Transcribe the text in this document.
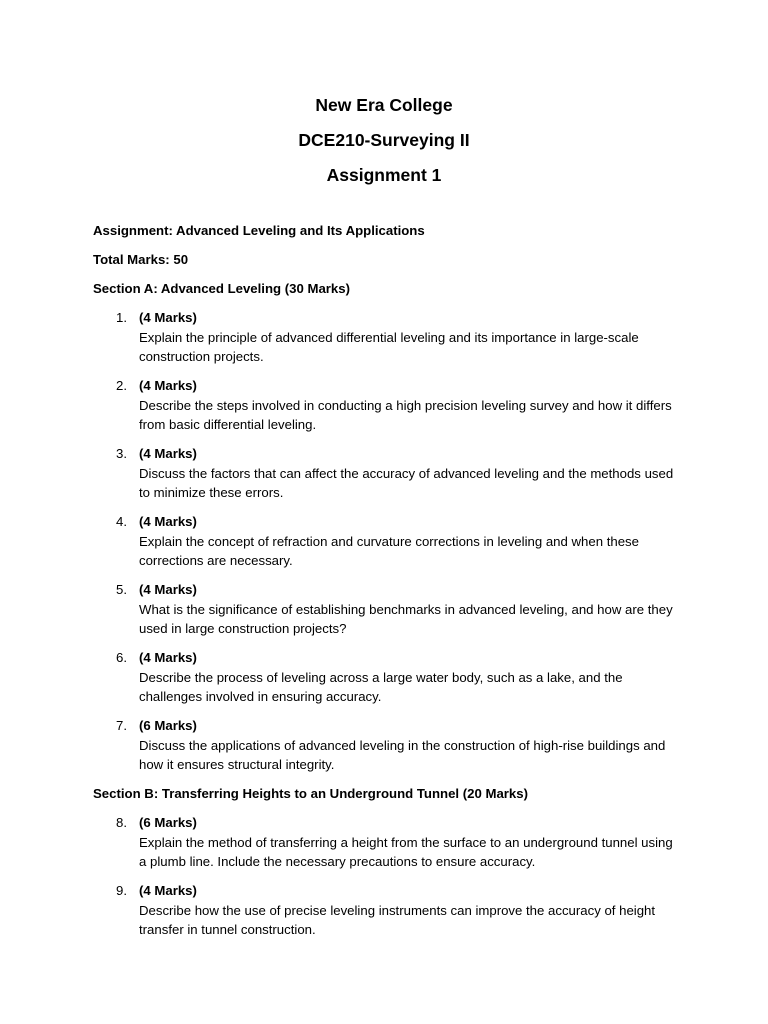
New Era College
DCE210-Surveying II
Assignment 1

Assignment: Advanced Leveling and Its Applications

Total Marks: 50

Section A: Advanced Leveling (30 Marks)

1. (4 Marks)
Explain the principle of advanced differential leveling and its importance in large-scale construction projects.
2. (4 Marks)
Describe the steps involved in conducting a high precision leveling survey and how it differs from basic differential leveling.
3. (4 Marks)
Discuss the factors that can affect the accuracy of advanced leveling and the methods used to minimize these errors.
4. (4 Marks)
Explain the concept of refraction and curvature corrections in leveling and when these corrections are necessary.
5. (4 Marks)
What is the significance of establishing benchmarks in advanced leveling, and how are they used in large construction projects?
6. (4 Marks)
Describe the process of leveling across a large water body, such as a lake, and the challenges involved in ensuring accuracy.
7. (6 Marks)
Discuss the applications of advanced leveling in the construction of high-rise buildings and how it ensures structural integrity.

Section B: Transferring Heights to an Underground Tunnel (20 Marks)

8. (6 Marks)
Explain the method of transferring a height from the surface to an underground tunnel using a plumb line. Include the necessary precautions to ensure accuracy.
9. (4 Marks)
Describe how the use of precise leveling instruments can improve the accuracy of height transfer in tunnel construction.
